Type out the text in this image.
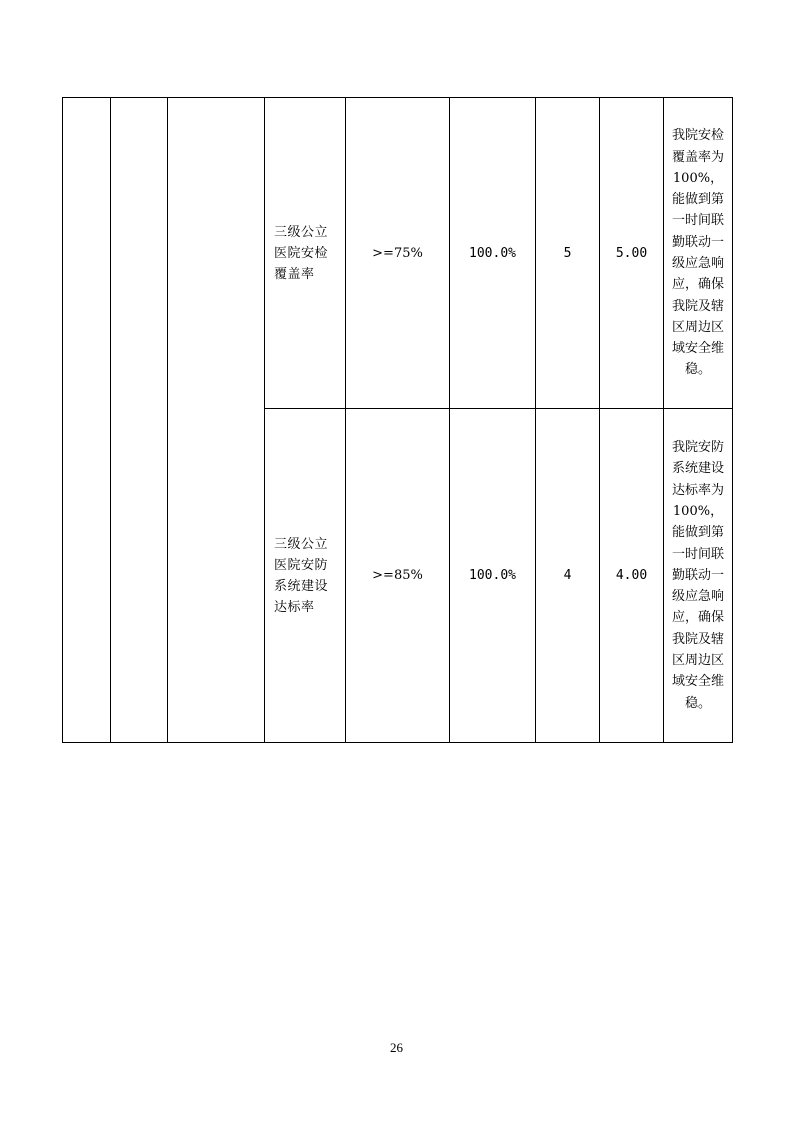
			三级公立医院安检覆盖率	>=75%	100.0%	5	5.00	我院安检覆盖率为100%，能做到第一时间联勤联动一级应急响应，确保我院及辖区周边区域安全维稳。

			三级公立医院安防系统建设达标率	>=85%	100.0%	4	4.00	我院安防系统建设达标率为100%，能做到第一时间联勤联动一级应急响应，确保我院及辖区周边区域安全维稳。
26
